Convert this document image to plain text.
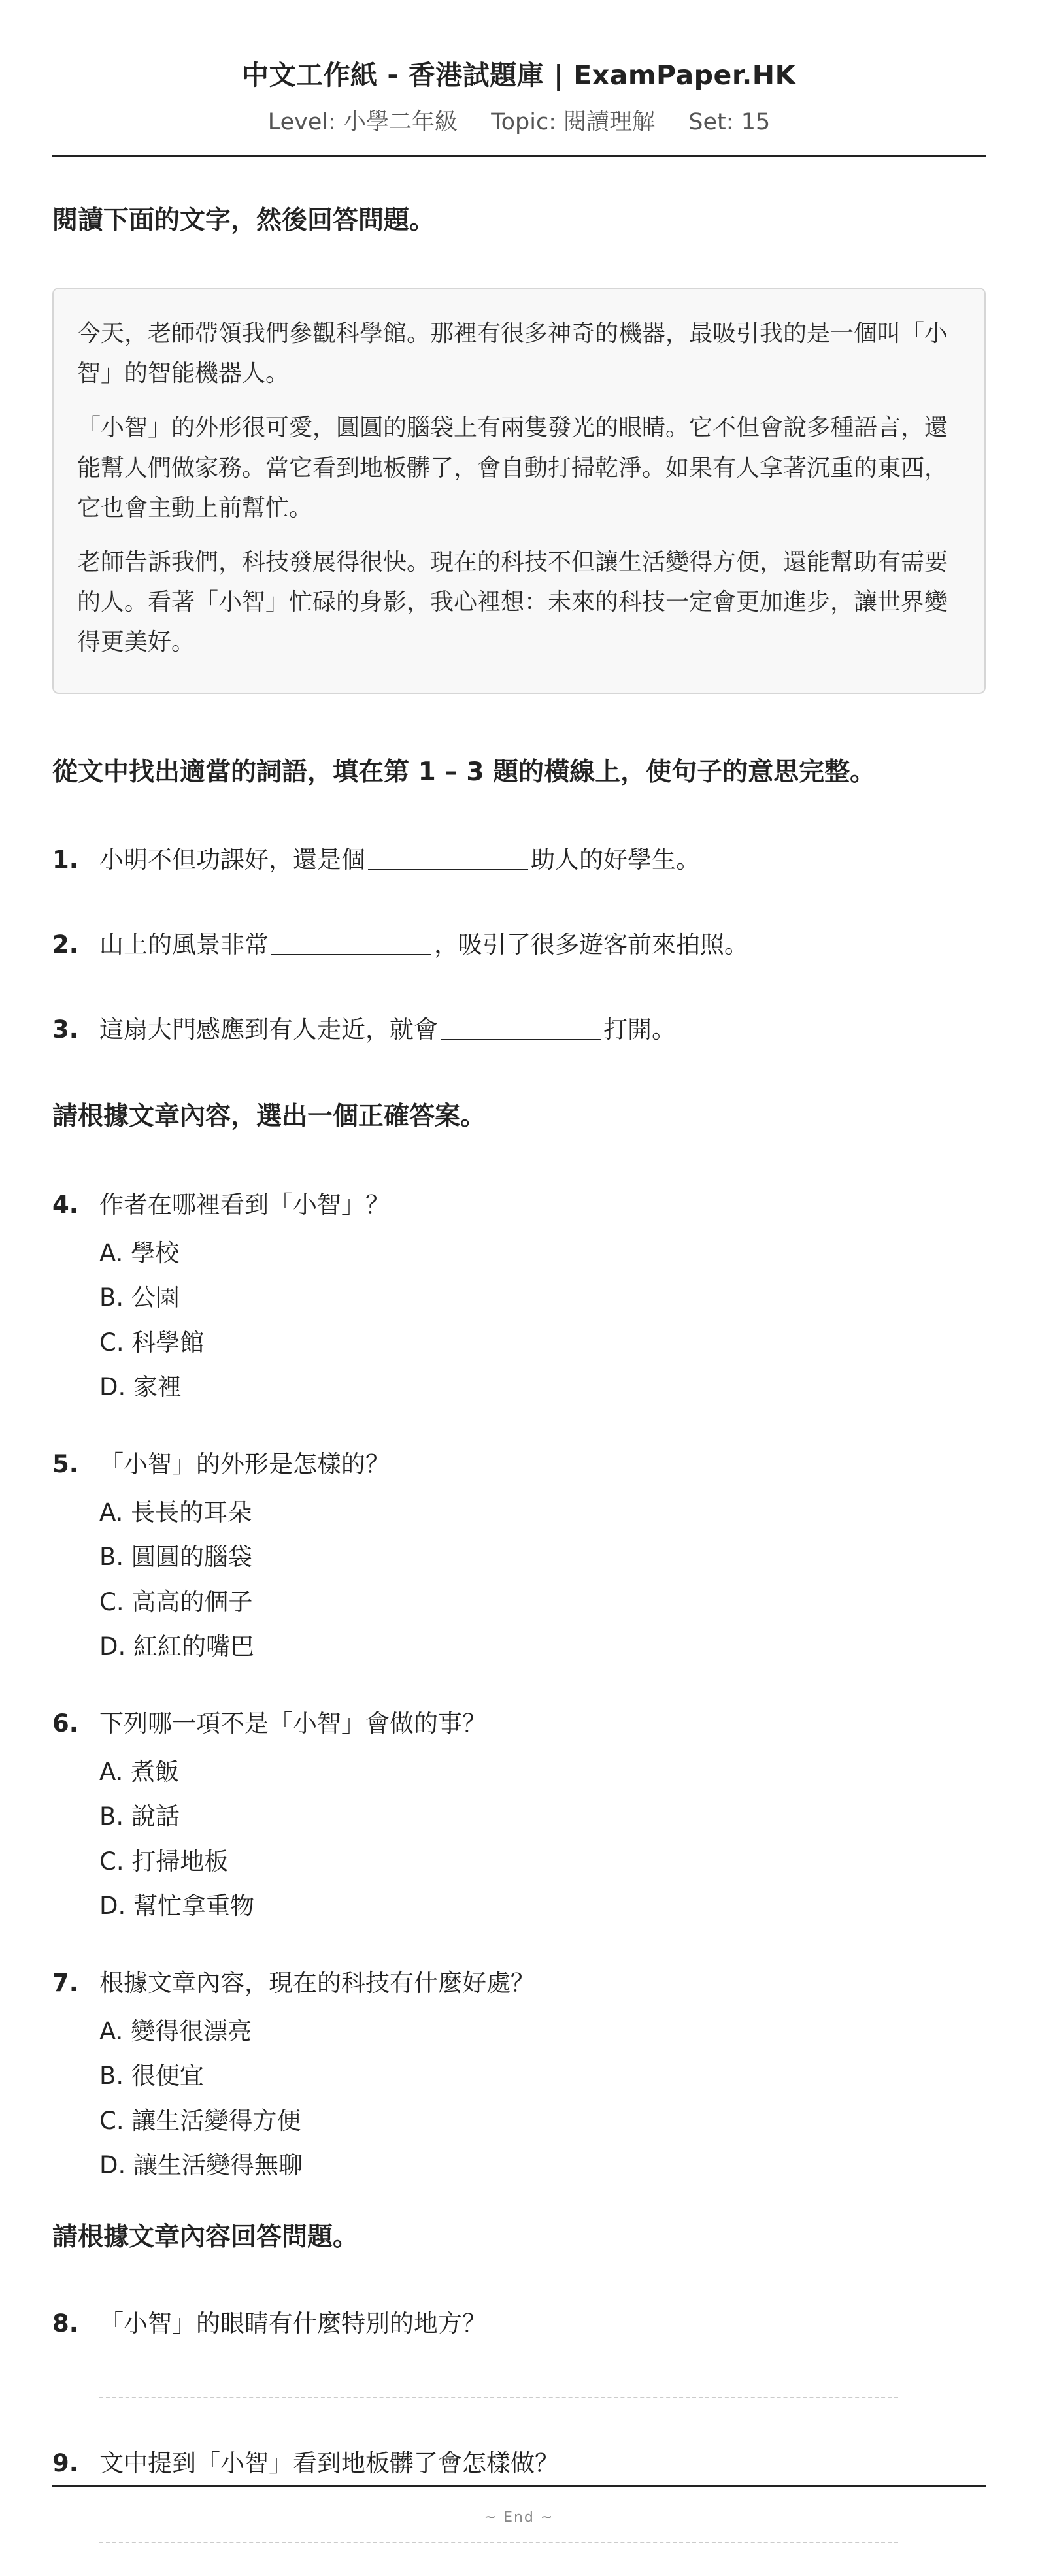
中文工作紙 - 香港試題庫 | ExamPaper.HK
Level: 小學二年級 Topic: 閱讀理解 Set: 15
閱讀下面的文字，然後回答問題。

今天，老師帶領我們參觀科學館。那裡有很多神奇的機器，最吸引我的是一個叫「小智」的智能機器人。

「小智」的外形很可愛，圓圓的腦袋上有兩隻發光的眼睛。它不但會說多種語言，還能幫人們做家務。當它看到地板髒了，會自動打掃乾淨。如果有人拿著沉重的東西，它也會主動上前幫忙。

老師告訴我們，科技發展得很快。現在的科技不但讓生活變得方便，還能幫助有需要的人。看著「小智」忙碌的身影，我心裡想：未來的科技一定會更加進步，讓世界變得更美好。

從文中找出適當的詞語，填在第 1 – 3 題的橫線上，使句子的意思完整。
1. 小明不但功課好，還是個	助人的好學生。
2. 山上的風景非常	，吸引了很多遊客前來拍照。
3. 這扇大門感應到有人走近，就會	打開。
請根據文章內容，選出一個正確答案。
4. 作者在哪裡看到「小智」？
A. 學校
B. 公園
C. 科學館
D. 家裡
5. 「小智」的外形是怎樣的？
A. 長長的耳朵
B. 圓圓的腦袋
C. 高高的個子
D. 紅紅的嘴巴
6. 下列哪一項不是「小智」會做的事？
A. 煮飯
B. 說話
C. 打掃地板
D. 幫忙拿重物
7. 根據文章內容，現在的科技有什麼好處？
A. 變得很漂亮
B. 很便宜
C. 讓生活變得方便
D. 讓生活變得無聊
請根據文章內容回答問題。
8. 「小智」的眼睛有什麼特別的地方？
9. 文中提到「小智」看到地板髒了會怎樣做？
~ End ~
